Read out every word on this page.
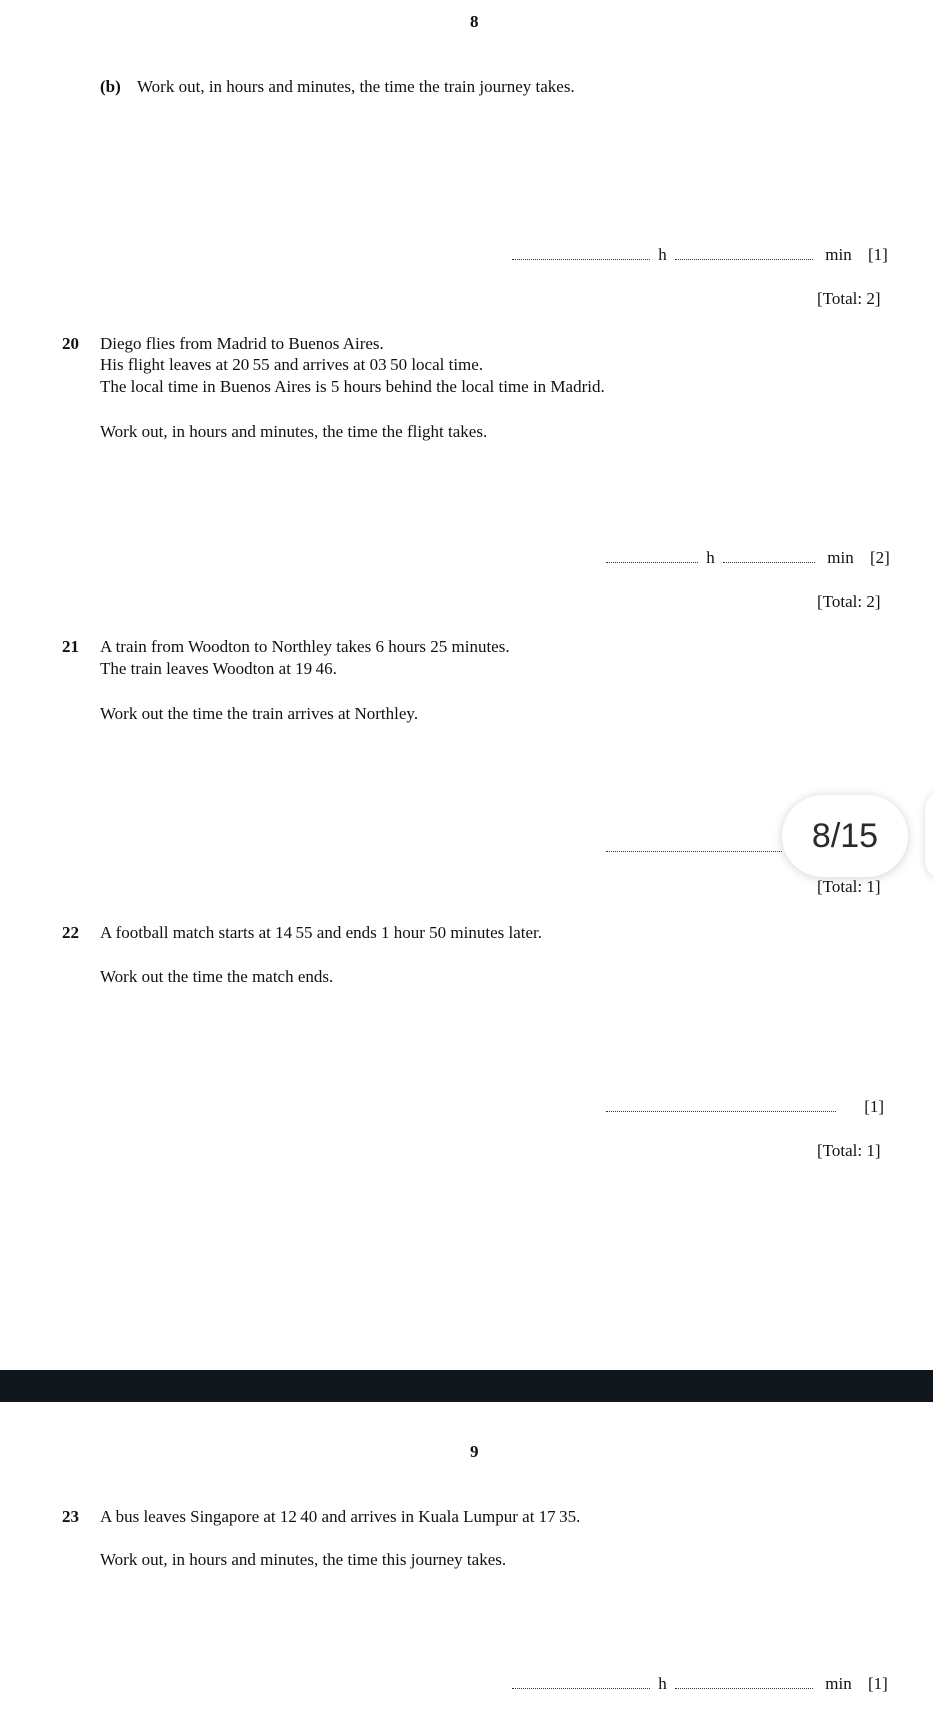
8
(b) Work out, in hours and minutes, the time the train journey takes.
h	min [1]
[Total: 2]
20 Diego flies from Madrid to Buenos Aires.
His flight leaves at 20 55 and arrives at 03 50 local time.
The local time in Buenos Aires is 5 hours behind the local time in Madrid.
Work out, in hours and minutes, the time the flight takes.
h	min [2]
[Total: 2]
21 A train from Woodton to Northley takes 6 hours 25 minutes.
The train leaves Woodton at 19 46.
Work out the time the train arrives at Northley.
[Total: 1]
8/15
22 A football match starts at 14 55 and ends 1 hour 50 minutes later.
Work out the time the match ends.
[1]
[Total: 1]
9
23 A bus leaves Singapore at 12 40 and arrives in Kuala Lumpur at 17 35.
Work out, in hours and minutes, the time this journey takes.
h	min [1]
